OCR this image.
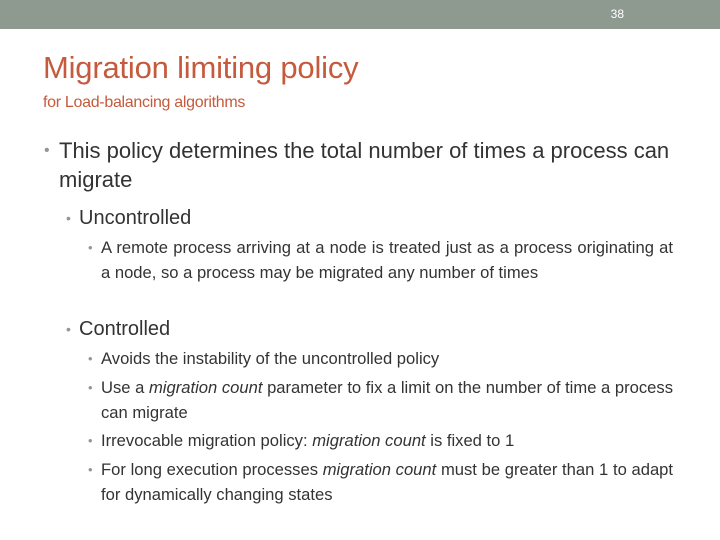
38
Migration limiting policy
for Load-balancing algorithms
• This policy determines the total number of times a process can migrate
• Uncontrolled
• A remote process arriving at a node is treated just as a process originating at a node, so a process may be migrated any number of times
• Controlled
• Avoids the instability of the uncontrolled policy
• Use a migration count parameter to fix a limit on the number of time a process can migrate
• Irrevocable migration policy: migration count is fixed to 1
• For long execution processes migration count must be greater than 1 to adapt for dynamically changing states
